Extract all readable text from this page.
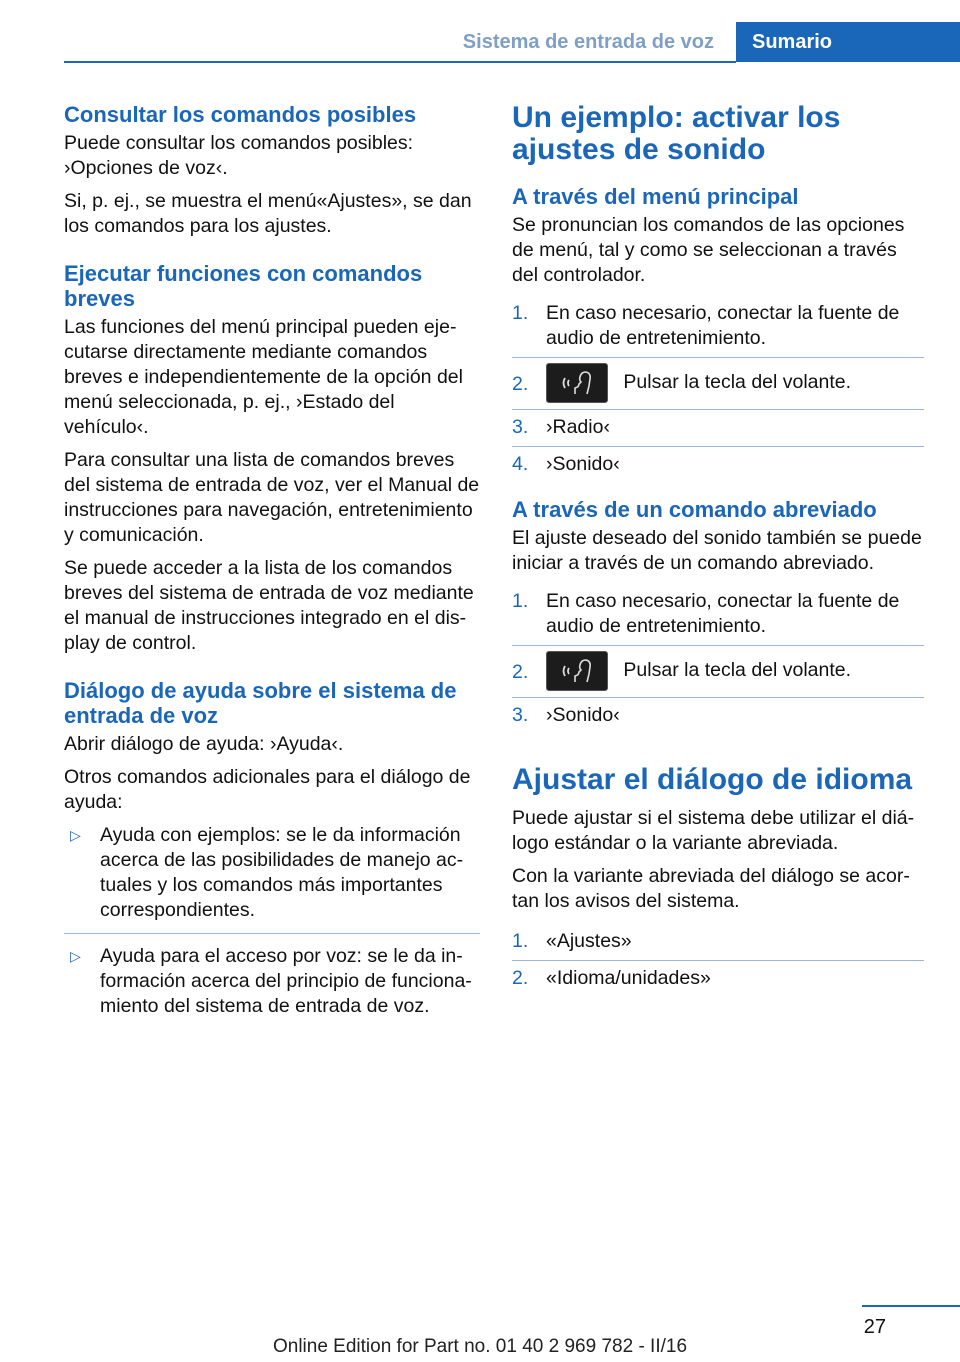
Sistema de entrada de voz	Sumario
Consultar los comandos posibles

Puede consultar los comandos posibles: ›Opciones de voz‹.

Si, p. ej., se muestra el menú«Ajustes», se dan los comandos para los ajustes.

Ejecutar funciones con comandos breves

Las funciones del menú principal pueden ejecutarse directamente mediante comandos breves e independientemente de la opción del menú seleccionada, p. ej., ›Estado del vehículo‹.

Para consultar una lista de comandos breves del sistema de entrada de voz, ver el Manual de instrucciones para navegación, entretenimiento y comunicación.

Se puede acceder a la lista de los comandos breves del sistema de entrada de voz mediante el manual de instrucciones integrado en el display de control.

Diálogo de ayuda sobre el sistema de entrada de voz

Abrir diálogo de ayuda: ›Ayuda‹.

Otros comandos adicionales para el diálogo de ayuda:

▷ Ayuda con ejemplos: se le da información acerca de las posibilidades de manejo actuales y los comandos más importantes correspondientes.
▷ Ayuda para el acceso por voz: se le da información acerca del principio de funcionamiento del sistema de entrada de voz.
Un ejemplo: activar los ajustes de sonido
A través del menú principal

Se pronuncian los comandos de las opciones de menú, tal y como se seleccionan a través del controlador.

1. En caso necesario, conectar la fuente de audio de entretenimiento.
2.	Pulsar la tecla del volante.
3. ›Radio‹
4. ›Sonido‹
A través de un comando abreviado

El ajuste deseado del sonido también se puede iniciar a través de un comando abreviado.

1. En caso necesario, conectar la fuente de audio de entretenimiento.
2.	Pulsar la tecla del volante.
3. ›Sonido‹
Ajustar el diálogo de idioma

Puede ajustar si el sistema debe utilizar el diálogo estándar o la variante abreviada.

Con la variante abreviada del diálogo se acortan los avisos del sistema.

1. «Ajustes»
2. «Idioma/unidades»
27
Online Edition for Part no. 01 40 2 969 782 - II/16
